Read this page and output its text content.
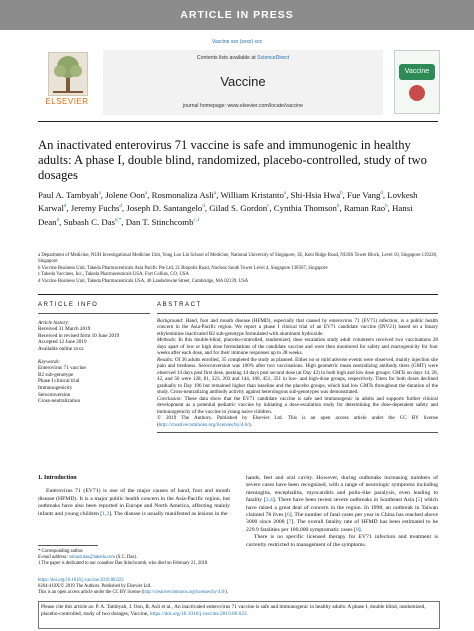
ARTICLE IN PRESS
Vaccine xxx (xxxx) xxx
ELSEVIER
Contents lists available at ScienceDirect
Vaccine
journal homepage: www.elsevier.com/locate/vaccine
Vaccine
An inactivated enterovirus 71 vaccine is safe and immunogenic in healthy adults: A phase I, double blind, randomized, placebo-controlled, study of two dosages
Paul A. Tambyah$^a$, Jolene Oon$^a$, Rosmonaliza Asli$^a$, William Kristanto$^a$, Shi-Hsia Hwa$^b$, Fue Vang$^d$, Lovkesh Karwal$^d$, Jeremy Fuchs$^d$, Joseph D. Santangelo$^d$, Gilad S. Gordon$^c$, Cynthia Thomson$^b$, Raman Rao$^b$, Hansi Dean$^d$, Subash C. Das$^{d,*}$, Dan T. Stinchcomb$^{c,1}$

a Department of Medicine, NUH Investigational Medicine Unit, Yong Loo Lin School of Medicine, National University of Singapore, 1E, Kent Ridge Road, NUHS Tower Block, Level 10, Singapore 119228, Singapore

b Vaccine Business Unit, Takeda Pharmaceuticals Asia Pacific Pte Ltd, 21 Biopolis Road, Nucleos South Tower Level 4, Singapore 138567, Singapore

c Takeda Vaccines, Inc., Takeda Pharmaceuticals USA, Fort Collins, CO, USA

d Vaccine Business Unit, Takeda Pharmaceuticals USA, 40 Landsdowne Street, Cambridge, MA 02139, USA

ARTICLE INFO
Article history:
Received 31 March 2019
Received in revised form 10 June 2019
Accepted 12 June 2019
Available online xxxx
Keywords:
Enterovirus 71 vaccine
B2 sub-genotype
Phase I clinical trial
Immunogenicity
Seroconversion
Cross-neutralization
ABSTRACT

Background: Hand, foot and mouth disease (HFMD), especially that caused by enterovirus 71 (EV71) infection, is a public health concern in the Asia-Pacific region. We report a phase I clinical trial of an EV71 candidate vaccine (INV21) based on a binary ethylenimine inactivated B2 sub-genotype formulated with aluminum hydroxide.

Methods: In this double-blind, placebo-controlled, randomized, dose escalation study adult volunteers received two vaccinations 28 days apart of low or high dose formulations of the candidate vaccine and were then monitored for safety and reactogenicity for four weeks after each dose, and for their immune responses up to 28 weeks.

Results: Of 36 adults enrolled, 35 completed the study as planned. Either no or mild adverse events were observed, mainly injection site pain and tiredness. Seroconversion was 100% after two vaccinations. High geometric mean neutralizing antibody titers (GMT) were observed 14 days post first dose, peaking 14 days post second dose (at Day 42) in both high and low dose groups: GMTs on days 14, 28, 42, and 56 were 128, 81, 323, 203 and 144, 100, 451, 351 in low- and high-dose groups, respectively. Titers for both doses declined gradually to Day 196 but remained higher than baseline and the placebo groups, which had low GMTs throughout the duration of the study. Cross-neutralizing antibody activity against heterologous sub-genotypes was demonstrated.

Conclusion: These data show that the EV71 candidate vaccine is safe and immunogenic in adults and supports further clinical development as a potential pediatric vaccine by initiating a dose-escalation study for determining the dose-dependent safety and immunogenicity of the vaccine in young naive children.

© 2019 The Authors. Published by Elsevier Ltd. This is an open access article under the CC BY license (http://creativecommons.org/licenses/by/4.0/).

1. Introduction

Enterovirus 71 (EV71) is one of the major causes of hand, foot and mouth disease (HFMD). It is a major public health concern in the Asia-Pacific region, but outbreaks have also been reported in Europe and North America, affecting mainly infants and young children [1,2]. The disease is usually manifested as lesions in the

hands, feet and oral cavity. However, during outbreaks increasing numbers of severe cases have been recognized, with a range of neurologic symptoms including meningitis, encephalitis, myocarditis and polio-like paralysis, even leading to fatality [3,4]. There have been recent severe outbreaks in Southeast Asia [5] which have raised a great deal of concern in the region. In 1998, an outbreak in Taiwan claimed 78 lives [6]. The number of fatal cases per year in China has reached above 3000 since 2008 [7]. The overall fatality rate of HFMD has been estimated to be 229.9 fatalities per 100,000 symptomatic cases [8].

There is no specific licensed therapy for EV71 infection and treatment is currently restricted to management of the symptoms.

* Corresponding author.

E-mail address: subash.das@takeda.com (S.C. Das).

1 The paper is dedicated to our coauthor Dan Stinchcomb, who died on February 21, 2018.

https://doi.org/10.1016/j.vaccine.2019.06.023

0264-410X/© 2019 The Authors. Published by Elsevier Ltd.

This is an open access article under the CC BY license (http://creativecommons.org/licenses/by/4.0/).

Please cite this article as: P. A. Tambyah, J. Oon, R. Asli et al., An inactivated enterovirus 71 vaccine is safe and immunogenic in healthy adults: A phase I, double blind, randomized, placebo-controlled, study of two dosages, Vaccine, https://doi.org/10.1016/j.vaccine.2019.06.023
